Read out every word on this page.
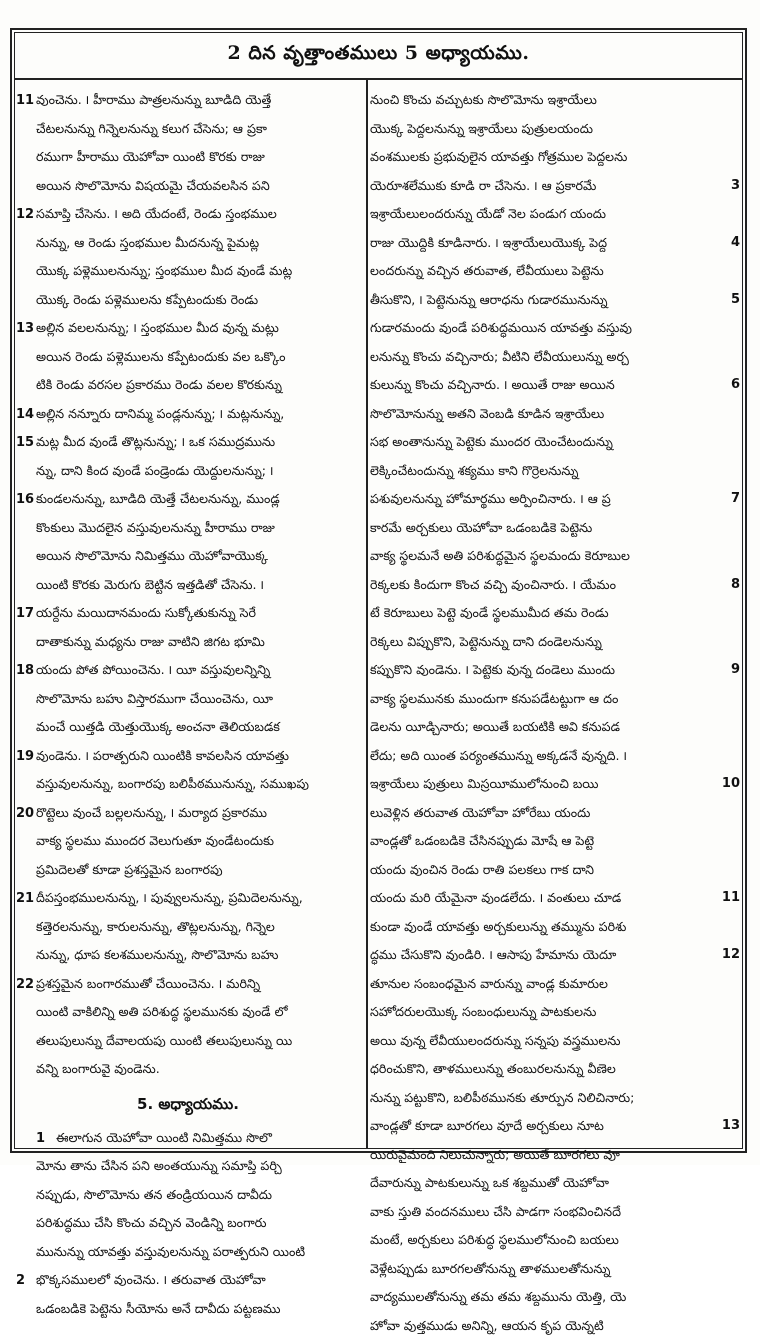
2 దిన వృత్తాంతములు 5 అధ్యాయము.
11 వుంచెను. ౹ హీరాము పాత్రలనున్ను బూడిది యెత్తే
చేటలనున్ను గిన్నెలనున్ను కలుగ చేసెను; ఆ ప్రకా
రముగా హీరాము యెహోవా యింటి కొరకు రాజు
అయిన సొలొమోను విషయమై చేయవలసిన పని
12 సమాప్తి చేసెను. ౹ అది యేదంటే, రెండు స్తంభముల
నున్ను, ఆ రెండు స్తంభముల మీదనున్న పైమట్ల
యొక్క పళ్లెములనున్ను; స్తంభముల మీద వుండే మట్ల
యొక్క రెండు పళ్లెములను కప్పేటందుకు రెండు
13 అల్లిన వలలనున్ను; ౹ స్తంభముల మీద వున్న మట్లు
అయిన రెండు పళ్లెములను కప్పేటందుకు వల ఒక్కొం
టికి రెండు వరసల ప్రకారము రెండు వలల కొరకున్ను
14 అల్లిన నన్నూరు దానిమ్మ పండ్లనున్ను; ౹ మట్లనున్ను,
15 మట్ల మీద వుండే తొట్లనున్ను; ౹ ఒక సముద్రమును
న్ను, దాని కింద వుండే పండ్రెండు యెద్దులనున్ను; ౹
16 కుండలనున్ను, బూడిది యెత్తే చేటలనున్ను, ముండ్ల
కొంకులు మొదలైన వస్తువులనున్ను హీరాము రాజు
అయిన సొలొమోను నిమిత్తము యెహోవాయొక్క
యింటి కొరకు మెరుగు బెట్టిన ఇత్తడితో చేసెను. ౹
17 యర్దేను మయిదానమందు సుక్కోతుకున్ను సెరే
దాతాకున్ను మధ్యను రాజు వాటిని జిగట భూమి
18 యందు పోత పోయించెను. ౹ యీ వస్తువులన్నిన్ని
సొలొమోను బహు విస్తారముగా చేయించెను, యీ
మంచే యిత్తడి యెత్తుయొక్క అంచనా తెలియబడక
19 వుండెను. ౹ పరాత్పరుని యింటికి కావలసిన యావత్తు
వస్తువులనున్ను, బంగారపు బలిపీఠమునున్ను, సముఖపు
20 రొట్టెలు వుంచే బల్లలనున్ను, ౹ మర్యాద ప్రకారము
వాక్య స్థలము ముందర వెలుగుతూ వుండేటందుకు
ప్రమిదెలతో కూడా ప్రశస్తమైన బంగారపు
21 దీపస్తంభములనున్ను, ౹ పువ్వులనున్ను, ప్రమిదెలనున్ను,
కత్తెరలనున్ను, కారులనున్ను, తొట్లలనున్ను, గిన్నెల
నున్ను, ధూప కలశములనున్ను, సొలొమోను బహు
22 ప్రశస్తమైన బంగారముతో చేయించెను. ౹ మరిన్ని
యింటి వాకిలిన్ని అతి పరిశుద్ధ స్థలమునకు వుండే లో
తలుపులున్ను దేవాలయపు యింటి తలుపులున్ను యి
వన్ని బంగారువై వుండెను.
5. అధ్యాయము.
1 ఈలాగున యెహోవా యింటి నిమిత్తము సొలొ
మోను తాను చేసిన పని అంతయున్ను సమాప్తి పర్చి
నప్పుడు, సొలొమోను తన తండ్రియయిన దావీదు
పరిశుద్ధము చేసి కొంచు వచ్చిన వెండిన్ని బంగారు
మునున్ను యావత్తు వస్తువులనున్ను పరాత్పరుని యింటి
2 భొక్కసములలో వుంచెను. ౹ తరువాత యెహోవా
ఒడంబడికె పెట్టెను సీయోను అనే దావీదు పట్టణము
నుంచి కొంచు వచ్చుటకు సొలొమోను ఇశ్రాయేలు
యొక్క పెద్దలనున్ను ఇశ్రాయేలు పుత్రులయందు
వంశములకు ప్రభువులైన యావత్తు గోత్రముల పెద్దలను
యెరూశలేముకు కూడి రా చేసెను. ౹ ఆ ప్రకారమే	3
ఇశ్రాయేలులందరున్ను యేడో నెల పండుగ యందు
రాజు యొద్దికి కూడినారు. ౹ ఇశ్రాయేలుయొక్క పెద్ద	4
లందరున్ను వచ్చిన తరువాత, లేవీయులు పెట్టెను
తీసుకొని, ౹ పెట్టెనున్ను ఆరాధను గుడారమునున్ను	5
గుడారమందు వుండే పరిశుద్ధమయిన యావత్తు వస్తువు
లనున్ను కొంచు వచ్చినారు; వీటిని లేవీయులున్ను అర్చ
కులున్ను కొంచు వచ్చినారు. ౹ అయితే రాజు అయిన	6
సొలొమోనున్ను అతని వెంబడి కూడిన ఇశ్రాయేలు
సభ అంతానున్ను పెట్టెకు ముందర యెంచేటందున్ను
లెక్కించేటందున్ను శక్యము కాని గొర్రెలనున్ను
పశువులనున్ను హోమార్థము అర్పించినారు. ౹ ఆ ప్ర	7
కారమే అర్చకులు యెహోవా ఒడంబడికె పెట్టెను
వాక్య స్థలమనే అతి పరిశుద్ధమైన స్థలమందు కెరూబుల
రెక్కలకు కిందుగా కొంచ వచ్చి వుంచినారు. ౹ యేమం	8
టే కెరూబులు పెట్టె వుండే స్థలముమీద తమ రెండు
రెక్కలు విప్పుకొని, పెట్టెనున్ను దాని దండెలనున్ను
కప్పుకొని వుండెను. ౹ పెట్టెకు వున్న దండెలు ముందు	9
వాక్య స్థలమునకు ముందుగా కనుపడేటట్టుగా ఆ దం
డెలను యీడ్చినారు; అయితే బయటికి అవి కనుపడ
లేదు; అది యింత పర్యంతమున్ను అక్కడనే వున్నది. ౹
ఇశ్రాయేలు పుత్రులు మిస్రయీములోనుంచి బయి	10
లువెళ్లిన తరువాత యెహోవా హోరేబు యందు
వాండ్లతో ఒడంబడికె చేసినప్పుడు మోషే ఆ పెట్టె
యందు వుంచిన రెండు రాతి పలకలు గాక దాని
యందు మరి యేమైనా వుండలేదు. ౹ వంతులు చూడ	11
కుండా వుండే యావత్తు అర్చకులున్ను తమ్మును పరిశు
ద్ధము చేసుకొని వుండిరి. ౹ ఆసాపు హేమాను యెదూ	12
తూనుల సంబంధమైన వారున్ను వాండ్ల కుమారుల
సహోదరులయొక్క సంబంధులున్ను పాటకులను
అయి వున్న లేవీయులందరున్ను సన్నపు వస్త్రములను
ధరించుకొని, తాళములున్ను తంబురలనున్ను వీణెల
నున్ను పట్టుకొని, బలిపీఠమునకు తూర్పున నిలిచినారు;
వాండ్లతో కూడా బూరగలు వూదే అర్చకులు నూట	13
యిరువైమంది నిలుచున్నారు; అయితే బూరగలు వూ
దేవారున్ను పాటకులున్ను ఒక శబ్దముతో యెహోవా
వాకు స్తుతి వందనములు చేసి పాడగా సంభవించినదే
మంటే, అర్చకులు పరిశుద్ధ స్థలములోనుంచి బయలు
వెళ్లేటప్పుడు బూరగలతోనున్ను తాళములతోనున్ను
వాద్యములతోనున్ను తమ తమ శబ్దమును యెత్తి, యె
హోవా వుత్తముడు అనిన్ని, ఆయన కృప యెన్నటి
